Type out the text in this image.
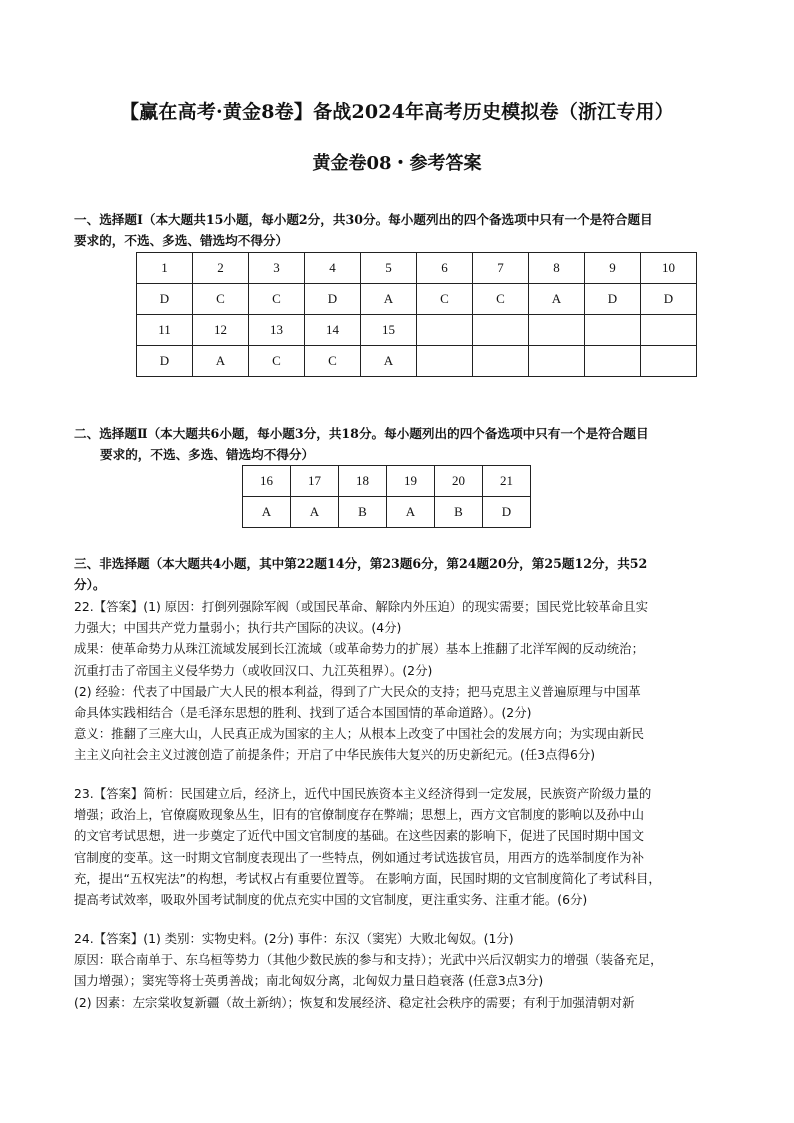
【赢在高考·黄金8卷】备战2024年高考历史模拟卷（浙江专用）
黄金卷08・参考答案
一、选择题Ⅰ（本大题共15小题，每小题2分，共30分。每小题列出的四个备选项中只有一个是符合题目
要求的，不选、多选、错选均不得分）
1	2	3	4	5	6	7	8	9	10
D	C	C	D	A	C	C	A	D	D
11	12	13	14	15					
D	A	C	C	A					
二、选择题Ⅱ（本大题共6小题，每小题3分，共18分。每小题列出的四个备选项中只有一个是符合题目

要求的，不选、多选、错选均不得分）
16	17	18	19	20	21
A	A	B	A	B	D
三、非选择题（本大题共4小题，其中第22题14分，第23题6分，第24题20分，第25题12分，共52
分）。

22.【答案】(1) 原因：打倒列强除军阀（或国民革命、解除内外压迫）的现实需要；国民党比较革命且实

力强大；中国共产党力量弱小；执行共产国际的决议。(4分)

成果：使革命势力从珠江流域发展到长江流域（或革命势力的扩展）基本上推翻了北洋军阀的反动统治；

沉重打击了帝国主义侵华势力（或收回汉口、九江英租界）。(2分)

(2) 经验：代表了中国最广大人民的根本利益，得到了广大民众的支持；把马克思主义普遍原理与中国革

命具体实践相结合（是毛泽东思想的胜利、找到了适合本国国情的革命道路）。(2分)

意义：推翻了三座大山，人民真正成为国家的主人；从根本上改变了中国社会的发展方向；为实现由新民

主主义向社会主义过渡创造了前提条件；开启了中华民族伟大复兴的历史新纪元。(任3点得6分)

23.【答案】简析：民国建立后，经济上，近代中国民族资本主义经济得到一定发展，民族资产阶级力量的

增强；政治上，官僚腐败现象丛生，旧有的官僚制度存在弊端；思想上，西方文官制度的影响以及孙中山

的文官考试思想，进一步奠定了近代中国文官制度的基础。在这些因素的影响下，促进了民国时期中国文

官制度的变革。这一时期文官制度表现出了一些特点，例如通过考试选拔官员，用西方的选举制度作为补

充，提出“五权宪法”的构想，考试权占有重要位置等。 在影响方面，民国时期的文官制度简化了考试科目，

提高考试效率，吸取外国考试制度的优点充实中国的文官制度，更注重实务、注重才能。(6分)

24.【答案】(1) 类别：实物史料。(2分) 事件：东汉（窦宪）大败北匈奴。(1分)

原因：联合南单于、东乌桓等势力（其他少数民族的参与和支持）；光武中兴后汉朝实力的增强（装备充足，

国力增强）；窦宪等将士英勇善战；南北匈奴分离，北匈奴力量日趋衰落 (任意3点3分)

(2) 因素：左宗棠收复新疆（故土新纳）；恢复和发展经济、稳定社会秩序的需要；有利于加强清朝对新
